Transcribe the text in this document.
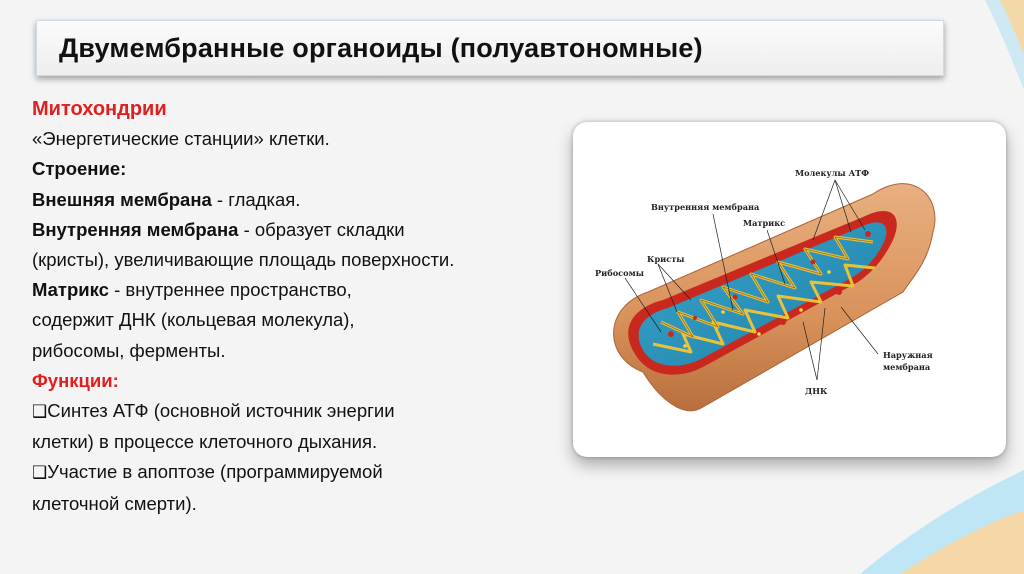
Двумембранные органоиды (полуавтономные)
Митохондрии
«Энергетические станции» клетки.
Строение:
Внешняя мембрана - гладкая.
Внутренняя мембрана - образует складки
(кристы), увеличивающие площадь поверхности.
Матрикс - внутреннее пространство,
содержит ДНК (кольцевая молекула),
рибосомы, ферменты.
Функции:
❑Синтез АТФ (основной источник энергии
клетки) в процессе клеточного дыхания.
❑Участие в апоптозе (программируемой
клеточной смерти).
Молекулы АТФ
Внутренняя мембрана
Матрикс
Кристы
Рибосомы
Наружная
мембрана
ДНК
